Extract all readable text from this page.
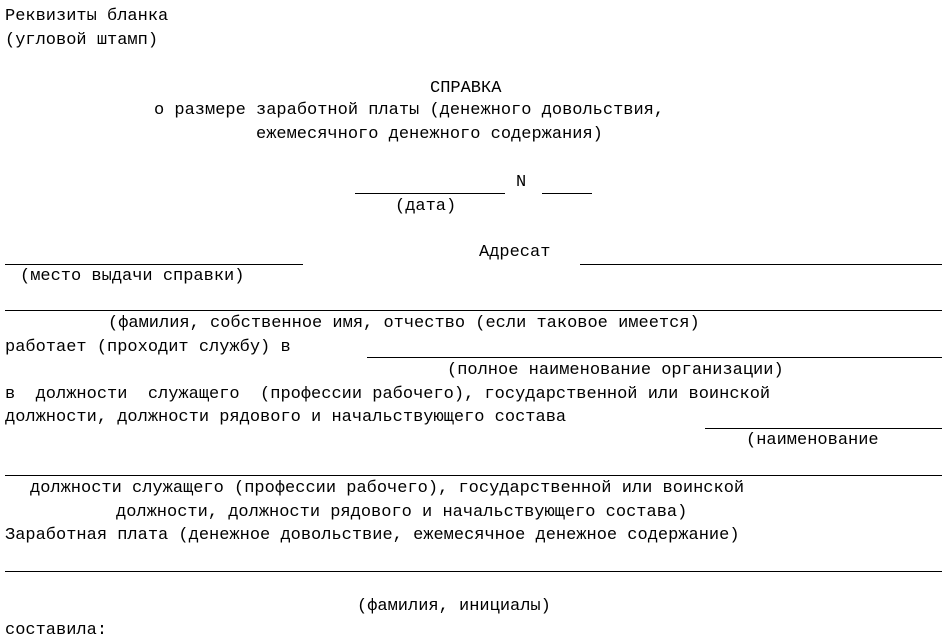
Реквизиты бланка
(угловой штамп)
СПРАВКА
о размере заработной платы (денежного довольствия,
ежемесячного денежного содержания)
N
(дата)
Адресат
(место выдачи справки)
(фамилия, собственное имя, отчество (если таковое имеется)
работает (проходит службу) в
(полное наименование организации)
в  должности  служащего  (профессии рабочего), государственной или воинской
должности, должности рядового и начальствующего состава
(наименование
должности служащего (профессии рабочего), государственной или воинской
должности, должности рядового и начальствующего состава)
Заработная плата (денежное довольствие, ежемесячное денежное содержание)
(фамилия, инициалы)
составила:
